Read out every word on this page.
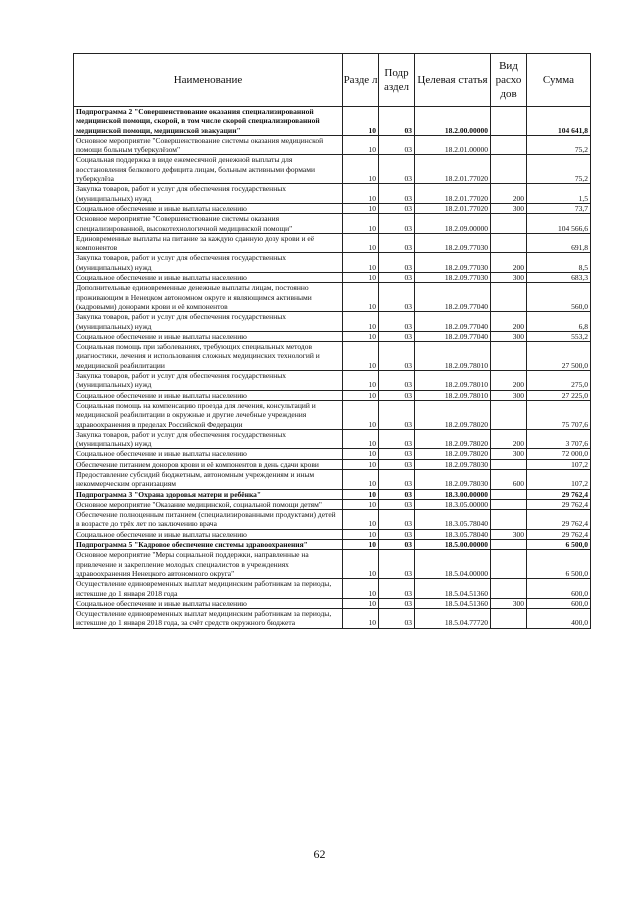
Наименование	Разде л	Подр аздел	Целевая статья	Вид расхо дов	Сумма
Подпрограмма 2 "Совершенствование оказания специализированной медицинской помощи, скорой, в том числе скорой специализированной медицинской помощи, медицинской эвакуации"	10	03	18.2.00.00000		104 641,8
Основное мероприятие "Совершенствование системы оказания медицинской помощи больным туберкулёзом"	10	03	18.2.01.00000		75,2
Социальная поддержка в виде ежемесячной денежной выплаты для восстановления белкового дефицита лицам, больным активными формами туберкулёза	10	03	18.2.01.77020		75,2
Закупка товаров, работ и услуг для обеспечения государственных (муниципальных) нужд	10	03	18.2.01.77020	200	1,5
Социальное обеспечение и иные выплаты населению	10	03	18.2.01.77020	300	73,7
Основное мероприятие "Совершенствование системы оказания специализированной, высокотехнологичной медицинской помощи"	10	03	18.2.09.00000		104 566,6
Единовременные выплаты на питание за каждую сданную дозу крови и её компонентов	10	03	18.2.09.77030		691,8
Закупка товаров, работ и услуг для обеспечения государственных (муниципальных) нужд	10	03	18.2.09.77030	200	8,5
Социальное обеспечение и иные выплаты населению	10	03	18.2.09.77030	300	683,3
Дополнительные единовременные денежные выплаты лицам, постоянно проживающим в Ненецком автономном округе и являющимся активными (кадровыми) донорами крови и её компонентов	10	03	18.2.09.77040		560,0
Закупка товаров, работ и услуг для обеспечения государственных (муниципальных) нужд	10	03	18.2.09.77040	200	6,8
Социальное обеспечение и иные выплаты населению	10	03	18.2.09.77040	300	553,2
Социальная помощь при заболеваниях, требующих специальных методов диагностики, лечения и использования сложных медицинских технологий и медицинской реабилитации	10	03	18.2.09.78010		27 500,0
Закупка товаров, работ и услуг для обеспечения государственных (муниципальных) нужд	10	03	18.2.09.78010	200	275,0
Социальное обеспечение и иные выплаты населению	10	03	18.2.09.78010	300	27 225,0
Социальная помощь на компенсацию проезда для лечения, консультаций и медицинской реабилитации в окружные и другие лечебные учреждения здравоохранения в пределах Российской Федерации	10	03	18.2.09.78020		75 707,6
Закупка товаров, работ и услуг для обеспечения государственных (муниципальных) нужд	10	03	18.2.09.78020	200	3 707,6
Социальное обеспечение и иные выплаты населению	10	03	18.2.09.78020	300	72 000,0
Обеспечение питанием доноров крови и её компонентов в день сдачи крови	10	03	18.2.09.78030		107,2
Предоставление субсидий бюджетным, автономным учреждениям и иным некоммерческим организациям	10	03	18.2.09.78030	600	107,2
Подпрограмма 3 "Охрана здоровья матери и ребёнка"	10	03	18.3.00.00000		29 762,4
Основное мероприятие "Оказание медицинской, социальной помощи детям"	10	03	18.3.05.00000		29 762,4
Обеспечение полноценным питанием (специализированными продуктами) детей в возрасте до трёх лет по заключению врача	10	03	18.3.05.78040		29 762,4
Социальное обеспечение и иные выплаты населению	10	03	18.3.05.78040	300	29 762,4
Подпрограмма 5 "Кадровое обеспечение системы здравоохранения"	10	03	18.5.00.00000		6 500,0
Основное мероприятие "Меры социальной поддержки, направленные на привлечение и закрепление молодых специалистов в учреждениях здравоохранения Ненецкого автономного округа"	10	03	18.5.04.00000		6 500,0
Осуществление единовременных выплат медицинским работникам за периоды, истекшие до 1 января 2018 года	10	03	18.5.04.51360		600,0
Социальное обеспечение и иные выплаты населению	10	03	18.5.04.51360	300	600,0
Осуществление единовременных выплат медицинским работникам за периоды, истекшие до 1 января 2018 года, за счёт средств окружного бюджета	10	03	18.5.04.77720		400,0
62
